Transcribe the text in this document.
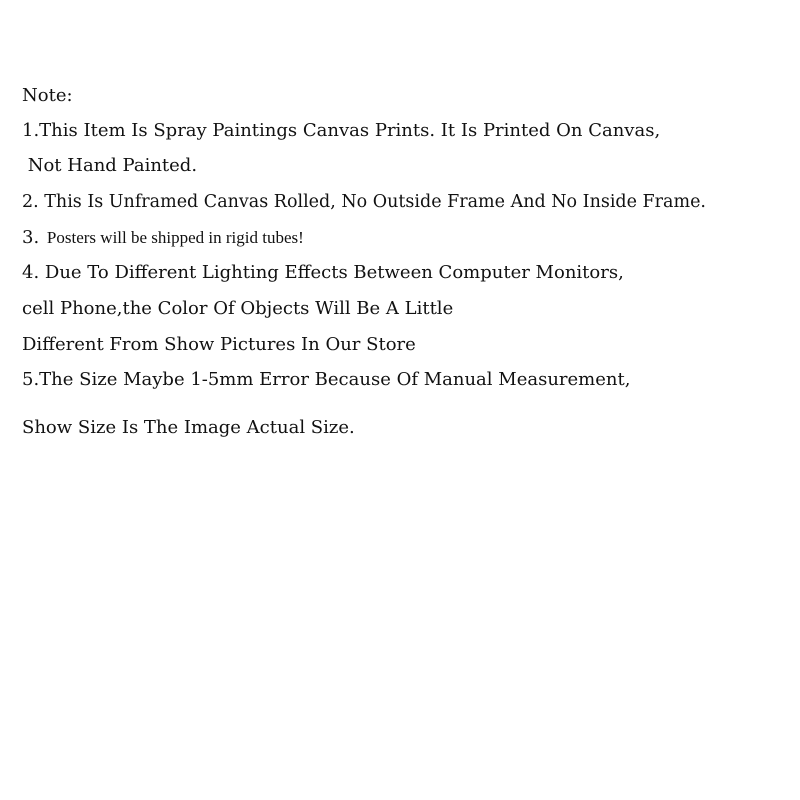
Note:
1.This Item Is Spray Paintings Canvas Prints. It Is Printed On Canvas,
Not Hand Painted.
2. This Is Unframed Canvas Rolled, No Outside Frame And No Inside Frame.
3. Posters will be shipped in rigid tubes!
4. Due To Different Lighting Effects Between Computer Monitors,
cell Phone,the Color Of Objects Will Be A Little
Different From Show Pictures In Our Store
5.The Size Maybe 1-5mm Error Because Of Manual Measurement,
Show Size Is The Image Actual Size.
